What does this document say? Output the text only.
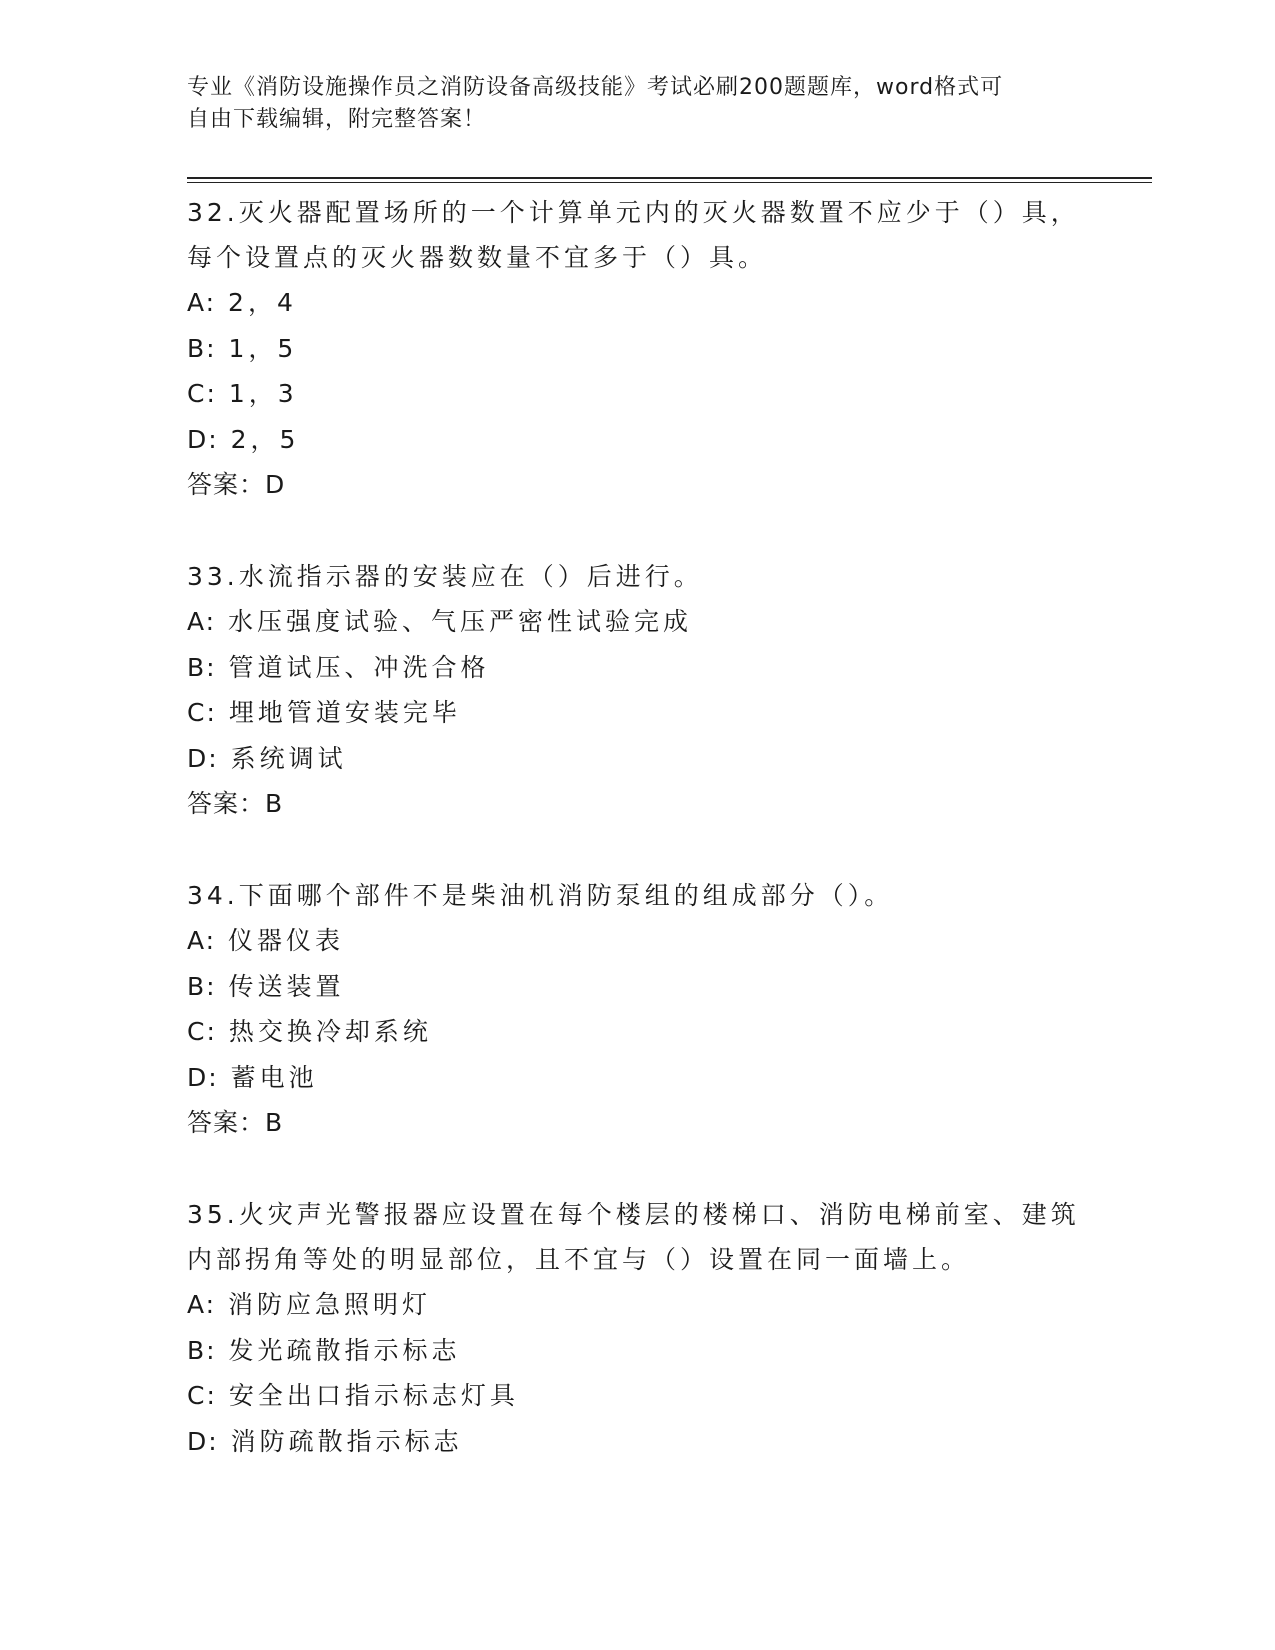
专业《消防设施操作员之消防设备高级技能》考试必刷200题题库，word格式可
自由下载编辑，附完整答案！
32.灭火器配置场所的一个计算单元内的灭火器数置不应少于（）具，
每个设置点的灭火器数数量不宜多于（）具。
A: 2，4
B: 1，5
C: 1，3
D: 2，5
答案：D
33.水流指示器的安装应在（）后进行。
A: 水压强度试验、气压严密性试验完成
B: 管道试压、冲洗合格
C: 埋地管道安装完毕
D: 系统调试
答案：B
34.下面哪个部件不是柴油机消防泵组的组成部分（）。
A: 仪器仪表
B: 传送装置
C: 热交换冷却系统
D: 蓄电池
答案：B
35.火灾声光警报器应设置在每个楼层的楼梯口、消防电梯前室、建筑
内部拐角等处的明显部位，且不宜与（）设置在同一面墙上。
A: 消防应急照明灯
B: 发光疏散指示标志
C: 安全出口指示标志灯具
D: 消防疏散指示标志
